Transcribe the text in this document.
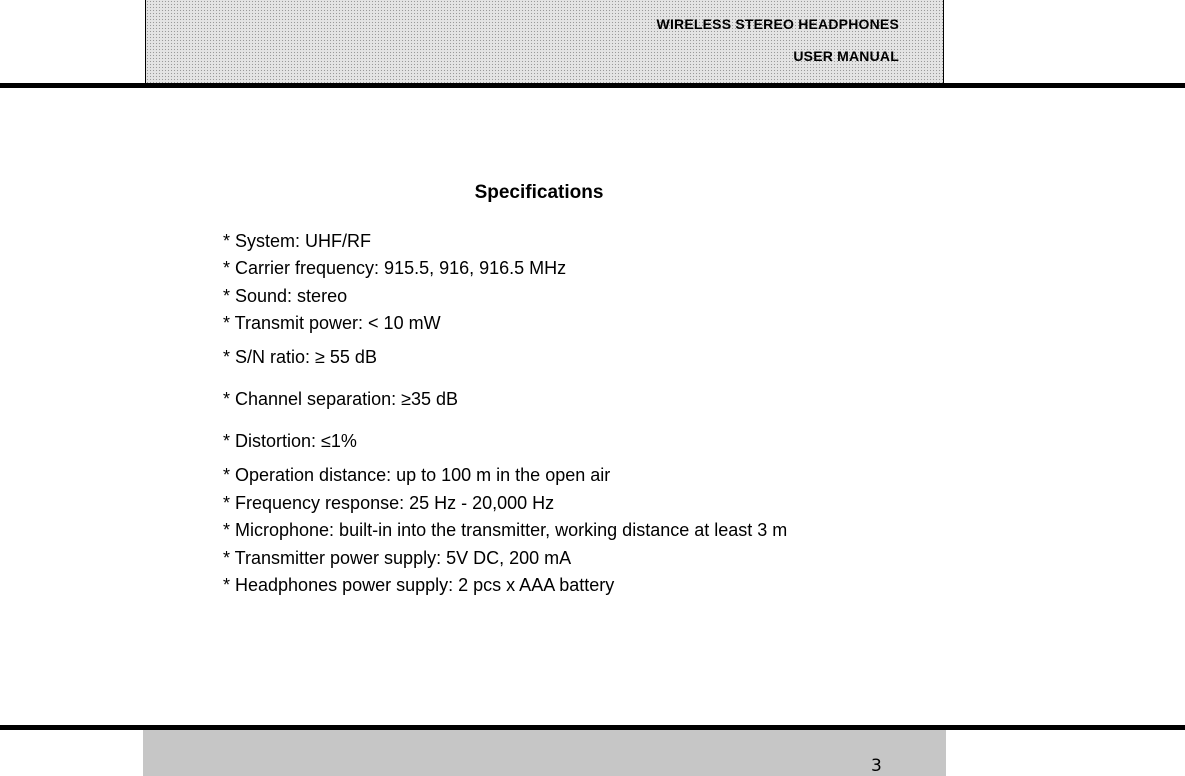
WIRELESS STEREO HEADPHONES
USER MANUAL
Specifications
* System: UHF/RF
* Carrier frequency: 915.5, 916, 916.5 MHz
* Sound: stereo
* Transmit power: < 10 mW
* S/N ratio: ≥ 55 dB
* Channel separation: ≥35 dB
* Distortion: ≤1%
* Operation distance: up to 100 m in the open air
* Frequency response: 25 Hz - 20,000 Hz
* Microphone: built-in into the transmitter, working distance at least 3 m
* Transmitter power supply: 5V DC, 200 mA
* Headphones power supply: 2 pcs x AAA battery
3
